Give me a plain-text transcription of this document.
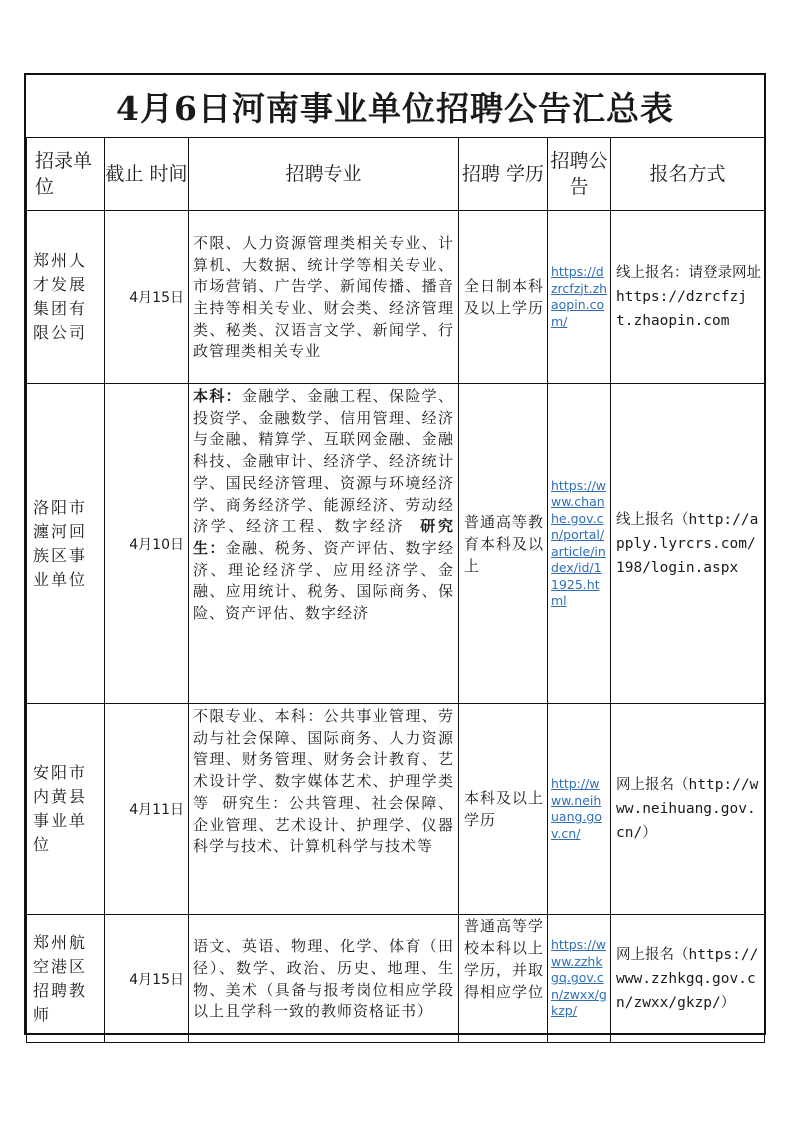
4月6日河南事业单位招聘公告汇总表
招录单位	截止 时间	招聘专业	招聘 学历	招聘公告	报名方式
郑州人才发展集团有限公司	4月15日	不限、人力资源管理类相关专业、计算机、大数据、统计学等相关专业、市场营销、广告学、新闻传播、播音主持等相关专业、财会类、经济管理类、秘类、汉语言文学、新闻学、行政管理类相关专业	全日制本科及以上学历	https://dzrcfzjt.zhaopin.com/	线上报名：请登录网址https://dzrcfzjt.zhaopin.com
洛阳市瀍河回族区事业单位	4月10日	本科：金融学、金融工程、保险学、投资学、金融数学、信用管理、经济与金融、精算学、互联网金融、金融科技、金融审计、经济学、经济统计学、国民经济管理、资源与环境经济学、商务经济学、能源经济、劳动经济学、经济工程、数字经济 研究生：金融、税务、资产评估、数字经济、理论经济学、应用经济学、金融、应用统计、税务、国际商务、保险、资产评估、数字经济	普通高等教育本科及以上	https://www.chanhe.gov.cn/portal/article/index/id/11925.html	线上报名（http://apply.lyrcrs.com/198/login.aspx
安阳市内黄县事业单位	4月11日	不限专业、本科：公共事业管理、劳动与社会保障、国际商务、人力资源管理、财务管理、财务会计教育、艺术设计学、数字媒体艺术、护理学类等 研究生：公共管理、社会保障、企业管理、艺术设计、护理学、仪器科学与技术、计算机科学与技术等	本科及以上学历	http://www.neihuang.gov.cn/	网上报名（http://www.neihuang.gov.cn/）
郑州航空港区招聘教师	4月15日	语文、英语、物理、化学、体育（田径）、数学、政治、历史、地理、生物、美术（具备与报考岗位相应学段以上且学科一致的教师资格证书）	普通高等学校本科以上学历，并取得相应学位	https://www.zzhkgq.gov.cn/zwxx/gkzp/	网上报名（https://www.zzhkgq.gov.cn/zwxx/gkzp/）
